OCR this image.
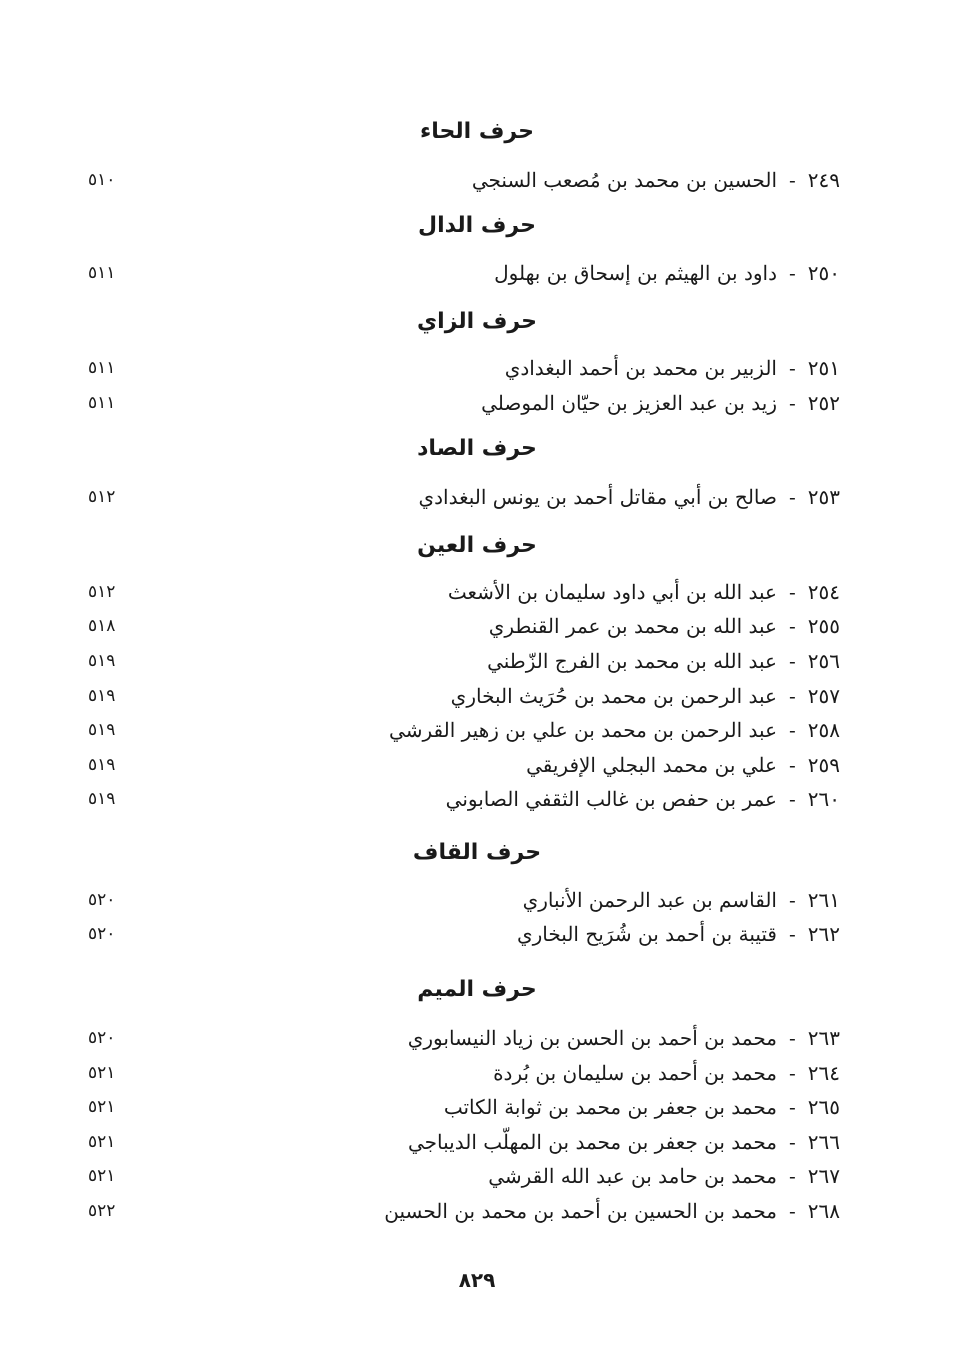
حرف الحاء
٢٤٩-الحسين بن محمد بن مُصعب السنجي
٥١٠
حرف الدال
٢٥٠-داود بن الهيثم بن إسحاق بن بهلول
٥١١
حرف الزاي
٢٥١-الزبير بن محمد بن أحمد البغدادي
٥١١
٢٥٢-زيد بن عبد العزيز بن حيّان الموصلي
٥١١
حرف الصاد
٢٥٣-صالح بن أبي مقاتل أحمد بن يونس البغدادي
٥١٢
حرف العين
٢٥٤-عبد الله بن أبي داود سليمان بن الأشعث
٥١٢
٢٥٥-عبد الله بن محمد بن عمر القنطري
٥١٨
٢٥٦-عبد الله بن محمد بن الفرج الزّطني
٥١٩
٢٥٧-عبد الرحمن بن محمد بن حُرَيث البخاري
٥١٩
٢٥٨-عبد الرحمن بن محمد بن علي بن زهير القرشي
٥١٩
٢٥٩-علي بن محمد البجلي الإفريقي
٥١٩
٢٦٠-عمر بن حفص بن غالب الثقفي الصابوني
٥١٩
حرف القاف
٢٦١-القاسم بن عبد الرحمن الأنباري
٥٢٠
٢٦٢-قتيبة بن أحمد بن شُرَيح البخاري
٥٢٠
حرف الميم
٢٦٣-محمد بن أحمد بن الحسن بن زياد النيسابوري
٥٢٠
٢٦٤-محمد بن أحمد بن سليمان بن بُردة
٥٢١
٢٦٥-محمد بن جعفر بن محمد بن ثوابة الكاتب
٥٢١
٢٦٦-محمد بن جعفر بن محمد بن المهلّب الديباجي
٥٢١
٢٦٧-محمد بن حامد بن عبد الله القرشي
٥٢١
٢٦٨-محمد بن الحسين بن أحمد بن محمد بن الحسين
٥٢٢
٨٢٩
